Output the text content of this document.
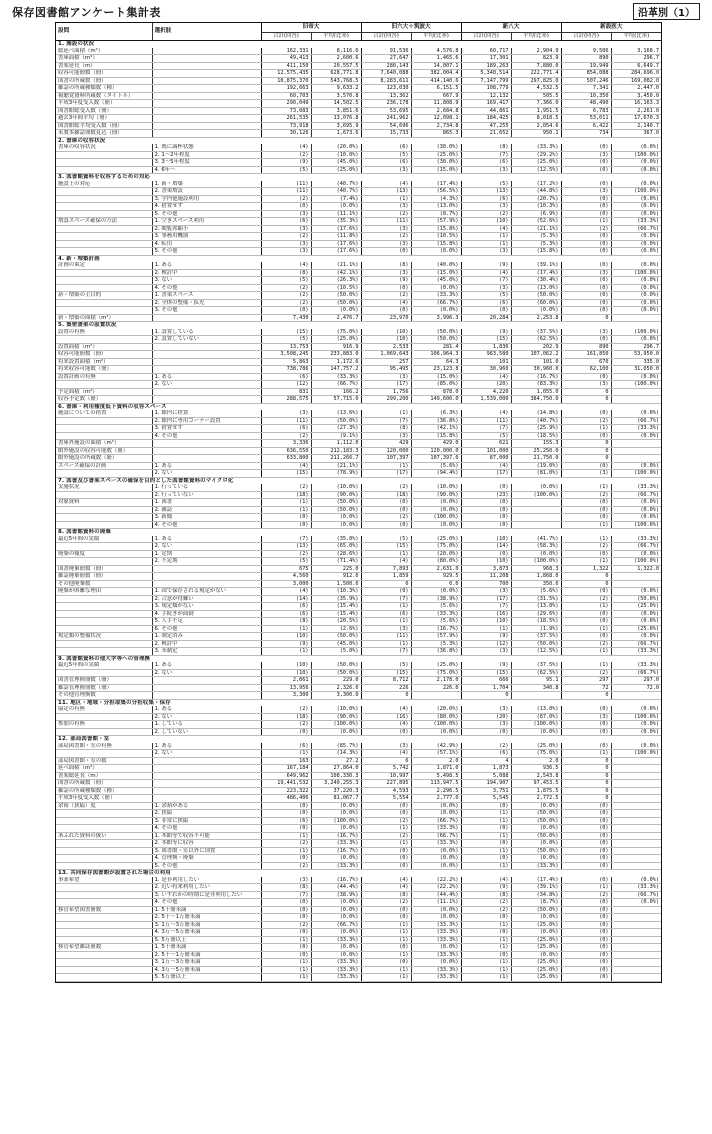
保存図書館アンケート集計表	沿革別（1）
設問	選択肢	旧帝大		旧六大＋筑波大		新八大		新設医大	
		合計(回答)	平均(比率)	合計(回答)	平均(比率)	合計(回答)	平均(比率)	合計(回答)	平均(比率)
1. 施設の状況									
総延べ面積（m²）		162,331	8,116.6	91,536	4,576.8	60,717	2,904.9	9,506	3,168.7
書庫面積（m²）		49,413	2,600.6	27,647	1,465.6	17,301	823.9	890	296.7
書架延長（m）		411,150	20,557.5	280,143	14,007.1	189,263	7,880.0	19,949	6,649.7
収容可能冊数（冊）		12,575,435	628,771.8	7,640,088	382,004.4	5,340,514	222,771.4	854,088	284,696.0
図書の所蔵数（冊）		10,875,370	543,768.5	8,283,611	414,140.6	7,147,799	297,825.0	507,246	169,082.0
雑誌の所蔵種類数（種）		192,663	9,633.2	123,030	6,151.5	108,779	4,532.5	7,341	2,447.0
視聴覚資料所蔵数（タイトル）		60,703	3,570.8	13,362	667.9	12,132	505.5	10,350	3,450.0
平成3年度受入数（冊）		290,049	14,502.5	236,178	11,808.9	169,417	7,366.0	48,490	16,163.3
図書館総受入数（冊）		73,083	3,851.6	53,695	2,684.8	44,861	1,951.5	6,783	2,261.0
過去3年間平均（冊）		261,535	13,076.8	241,962	12,098.1	184,425	8,018.5	53,011	17,670.3
図書館総平均受入数（冊）		73,918	3,695.9	54,696	2,734.8	47,255	2,054.6	6,422	2,140.7
未製本雑誌冊数見込（冊）		30,126	1,673.6	15,733	865.3	21,652	950.1	734	367.0
2. 書庫の収容状況									
書庫の収容状況	1. 既に満杯状態	(4)	(20.0%)	(6)	(30.0%)	(8)	(33.3%)	(0)	(0.0%)
	2. 1～2年程度	(2)	(10.0%)	(5)	(25.0%)	(7)	(29.2%)	(3)	(100.0%)
	3. 3～5年程度	(9)	(45.0%)	(6)	(30.0%)	(6)	(25.0%)	(0)	(0.0%)
	4. 6年～	(5)	(25.0%)	(3)	(15.0%)	(3)	(12.5%)	(0)	(0.0%)
3. 図書館資料を収容するための対応									
施設上の対応	1. 新・増築	(11)	(40.7%)	(4)	(17.4%)	(5)	(17.2%)	(0)	(0.0%)
	2. 書架増設	(11)	(40.7%)	(13)	(56.5%)	(13)	(44.8%)	(3)	(100.0%)
	3. 学内他施設利用	(2)	(7.4%)	(1)	(4.3%)	(6)	(20.7%)	(0)	(0.0%)
	4. 措置せず	(0)	(0.0%)	(3)	(13.0%)	(3)	(10.3%)	(0)	(0.0%)
	5. その他	(3)	(11.1%)	(2)	(8.7%)	(2)	(6.9%)	(0)	(0.0%)
増設スペース確保の方法	1. 空きスペース利用	(6)	(35.3%)	(11)	(57.9%)	(10)	(52.6%)	(1)	(33.3%)
	2. 閲覧席縮小	(3)	(17.6%)	(3)	(15.8%)	(4)	(21.1%)	(2)	(66.7%)
	3. 事務用機器	(2)	(11.8%)	(2)	(10.5%)	(1)	(5.3%)	(0)	(0.0%)
	4. 転用	(3)	(17.6%)	(3)	(15.8%)	(1)	(5.3%)	(0)	(0.0%)
	5. その他	(3)	(17.6%)	(0)	(0.0%)	(3)	(15.8%)	(0)	(0.0%)
4. 新・増築計画									
計画の策定	1. ある	(4)	(21.1%)	(8)	(40.0%)	(9)	(39.1%)	(0)	(0.0%)
	2. 検討中	(8)	(42.1%)	(3)	(15.0%)	(4)	(17.4%)	(3)	(100.0%)
	3. ない	(5)	(26.3%)	(9)	(45.0%)	(7)	(30.4%)	(0)	(0.0%)
	4. その他	(2)	(10.5%)	(0)	(0.0%)	(3)	(13.0%)	(0)	(0.0%)
新・増築の主目的	1. 書架スペース	(2)	(50.0%)	(2)	(33.3%)	(5)	(50.0%)	(0)	(0.0%)
	2. 全体の整備・拡充	(2)	(50.0%)	(4)	(66.7%)	(6)	(60.0%)	(0)	(0.0%)
	3. その他	(0)	(0.0%)	(0)	(0.0%)	(0)	(0.0%)	(0)	(0.0%)
新・増築の面積（m²）		7,430	2,476.7	23,970	3,996.3	20,284	2,253.8	0	
5. 集密書架の設置状況									
設置の有無	1. 設置している	(15)	(75.0%)	(10)	(50.0%)	(9)	(37.5%)	(3)	(100.0%)
	2. 設置していない	(5)	(25.0%)	(10)	(50.0%)	(15)	(62.5%)	(0)	(0.0%)
設置面積（m²）		13,753	916.9	2,533	281.4	1,836	202.9	890	296.7
収容可能冊数（冊）		3,508,245	233,883.0	1,069,643	106,964.3	963,580	107,062.2	161,850	53,950.0
将来設置面積（m²）		5,863	1,172.6	257	64.3	101	101.0	670	335.0
将来収容可能数（冊）		738,786	147,757.2	95,495	23,123.8	30,960	30,960.0	62,100	31,050.0
設置計画の有無	1. ある	(6)	(33.3%)	(3)	(15.0%)	(4)	(16.7%)	(0)	(0.0%)
	2. ない	(12)	(66.7%)	(17)	(85.0%)	(20)	(83.3%)	(3)	(100.0%)
予定面積（m²）		831	166.2	1,756	878.0	4,220	1,055.0	0	
収容予定数（冊）		288,575	57,715.0	299,200	149,600.0	1,539,000	384,750.0	0	
6. 書庫・利用頻度低下資料の収容スペース									
施設についての措置	1. 館内に措置	(3)	(13.6%)	(1)	(6.3%)	(4)	(14.8%)	(0)	(0.0%)
	2. 館内に専用コーナー設置	(11)	(50.0%)	(7)	(36.8%)	(11)	(40.7%)	(2)	(66.7%)
	3. 措置せず	(6)	(27.3%)	(8)	(42.1%)	(7)	(25.9%)	(1)	(33.3%)
	4. その他	(2)	(9.1%)	(3)	(15.8%)	(5)	(18.5%)	(0)	(0.0%)
書庫外施設の面積（m²）		3,336	1,112.0	429	429.0	621	155.3	0	
館外施設の収容可能数（冊）		636,550	212,183.3	120,000	120,000.0	101,000	25,250.0	0	
館外施設の所蔵数（冊）		633,800	211,266.7	107,397	107,397.0	87,000	21,750.0	0	
スペース確保の計画	1. ある	(4)	(21.1%)	(1)	(5.6%)	(4)	(19.0%)	(0)	(0.0%)
	2. ない	(15)	(78.9%)	(17)	(94.4%)	(17)	(81.0%)	(3)	(100.0%)
7. 図書及び書架スペースの確保を目的とした図書館資料のマイクロ化									
実施状況	1. 行っている	(2)	(10.0%)	(2)	(10.0%)	(0)	(0.0%)	(1)	(33.3%)
	2. 行っていない	(18)	(90.0%)	(18)	(90.0%)	(23)	(100.0%)	(2)	(66.7%)
対象資料	1. 図書	(1)	(50.0%)	(0)	(0.0%)	(0)		(0)	(0.0%)
	2. 雑誌	(1)	(50.0%)	(0)	(0.0%)	(0)		(0)	(0.0%)
	3. 新聞	(0)	(0.0%)	(2)	(100.0%)	(0)		(0)	(0.0%)
	4. その他	(0)	(0.0%)	(0)	(0.0%)	(0)		(1)	(100.0%)
8. 図書館資料の廃棄									
最近5年間の実績	1. ある	(7)	(35.0%)	(5)	(25.0%)	(10)	(41.7%)	(1)	(33.3%)
	2. ない	(13)	(65.0%)	(15)	(75.0%)	(14)	(58.3%)	(2)	(66.7%)
廃棄の頻度	1. 定期	(2)	(28.6%)	(1)	(20.0%)	(0)	(0.0%)	(0)	(0.0%)
	2. 不定期	(5)	(71.4%)	(4)	(80.0%)	(10)	(100.0%)	(1)	(100.0%)
図書廃棄冊数（冊）		675	225.0	7,893	2,631.0	3,873	968.3	1,322	1,322.0
雑誌廃棄冊数（冊）		4,560	912.0	1,859	929.5	11,208	1,868.0	0	
その他廃棄数		3,000	1,500.0	0	0.0	700	350.0	0	
廃棄が困難な理由	1. 国で保存される規定がない	(4)	(10.3%)	(0)	(0.0%)	(3)	(5.6%)	(0)	(0.0%)
	2. 合意が得難い	(14)	(35.9%)	(7)	(38.9%)	(17)	(31.5%)	(2)	(50.0%)
	3. 規定類がない	(6)	(15.4%)	(1)	(5.6%)	(7)	(13.0%)	(1)	(25.0%)
	4. 手続きが面倒	(6)	(15.4%)	(6)	(33.3%)	(16)	(29.6%)	(0)	(0.0%)
	5. 人手不足	(8)	(20.5%)	(1)	(5.6%)	(10)	(18.5%)	(0)	(0.0%)
	6. その他	(1)	(2.6%)	(3)	(16.7%)	(1)	(1.9%)	(1)	(25.0%)
規定類の整備状況	1. 制定済み	(10)	(50.0%)	(11)	(57.9%)	(9)	(37.5%)	(0)	(0.0%)
	2. 検討中	(9)	(45.0%)	(1)	(5.3%)	(12)	(50.0%)	(2)	(66.7%)
	3. 未制定	(1)	(5.0%)	(7)	(36.8%)	(3)	(12.5%)	(1)	(33.3%)
9. 図書館資料の他大学等への管理換									
最近5年間の実績	1. ある	(10)	(50.0%)	(5)	(25.0%)	(9)	(37.5%)	(1)	(33.3%)
	2. ない	(10)	(50.0%)	(15)	(75.0%)	(15)	(62.5%)	(2)	(66.7%)
図書管理換冊数（冊）		2,061	229.0	8,712	2,178.0	666	95.1	297	297.0
雑誌管理換冊数（冊）		13,956	2,326.0	226	226.0	1,704	340.8	72	72.0
その他管理換数		3,300	3,300.0	0		0		0	
11. 地区・地域・分担取集の分担収集・保存									
協定の有無	1. ある	(2)	(10.0%)	(4)	(20.0%)	(3)	(13.0%)	(0)	(0.0%)
	2. ない	(18)	(90.0%)	(16)	(80.0%)	(20)	(87.0%)	(3)	(100.0%)
参加の有無	1. している	(2)	(100.0%)	(4)	(100.0%)	(3)	(100.0%)	(0)	(0.0%)
	2. していない	(0)	(0.0%)	(0)	(0.0%)	(0)	(0.0%)	(0)	(0.0%)
12. 部局図書館・室									
部局図書館・室の有無	1. ある	(6)	(85.7%)	(3)	(42.9%)	(2)	(25.0%)	(0)	(0.0%)
	2. ない	(1)	(14.3%)	(4)	(57.1%)	(6)	(75.0%)	(1)	(100.0%)
部局図書館・室の数		163	27.2	6	2.0	4	2.0	0	
延べ面積（m²）		167,184	27,864.0	5,742	1,871.0	1,873	936.5	0	
書架総延長（m）		649,962	108,330.3	10,997	5,498.5	5,088	2,543.8	0	
図書の所蔵数（冊）		19,441,532	3,240,255.3	227,895	113,947.5	194,907	97,453.5	0	
雑誌の所蔵種類数（種）		223,322	37,220.3	4,593	2,296.5	3,751	1,875.5	0	
平成3年度受入数（冊）		486,406	81,067.7	5,554	2,777.0	5,545	2,772.5	0	
余裕（狭隘）度	1. 余裕がある	(0)	(0.0%)	(0)	(0.0%)	(0)	(0.0%)	(0)	
	2. 狭隘	(0)	(0.0%)	(0)	(0.0%)	(1)	(50.0%)	(0)	
	3. 非常に狭隘	(6)	(100.0%)	(2)	(66.7%)	(1)	(50.0%)	(0)	
	4. その他	(0)	(0.0%)	(1)	(33.3%)	(0)	(0.0%)	(0)	
あふれた資料の扱い	1. 本館等で収容不可能	(1)	(16.7%)	(2)	(66.7%)	(1)	(50.0%)	(0)	
	2. 本館等に収容	(2)	(33.3%)	(1)	(33.3%)	(0)	(0.0%)	(0)	
	3. 図書館・室以外に別置	(1)	(16.7%)	(0)	(0.0%)	(1)	(50.0%)	(0)	
	4. 管理換・廃棄	(0)	(0.0%)	(0)	(0.0%)	(0)	(0.0%)	(0)	
	5. その他	(2)	(33.3%)	(0)	(0.0%)	(1)	(33.3%)	(0)	
13. 共同保存図書館が設置された場合の利用									
事業希望	1. 是非利用したい	(3)	(16.7%)	(4)	(22.2%)	(4)	(17.4%)	(0)	(0.0%)
	2. 近い将来利用したい	(8)	(44.4%)	(4)	(22.2%)	(9)	(39.1%)	(1)	(33.3%)
	3. いずれかの時期に是非利用したい	(7)	(38.9%)	(8)	(44.4%)	(8)	(34.8%)	(2)	(66.7%)
	4. その他	(0)	(0.0%)	(2)	(11.1%)	(2)	(8.7%)	(0)	(0.0%)
移管希望図書冊数	1. 5千冊未満	(0)	(0.0%)	(0)	(0.0%)	(2)	(50.0%)	(0)	
	2. 5千～1万冊未満	(0)	(0.0%)	(0)	(0.0%)	(0)	(0.0%)	(0)	
	3. 1万～3万冊未満	(2)	(66.7%)	(1)	(33.3%)	(1)	(25.0%)	(0)	
	4. 3万～5万冊未満	(0)	(0.0%)	(1)	(33.3%)	(0)	(0.0%)	(0)	
	5. 5万冊以上	(1)	(33.3%)	(1)	(33.3%)	(1)	(25.0%)	(0)	
移管希望雑誌冊数	1. 5千冊未満	(0)	(0.0%)	(0)	(0.0%)	(1)	(25.0%)	(0)	
	2. 5千～1万冊未満	(0)	(0.0%)	(1)	(33.3%)	(0)	(0.0%)	(0)	
	3. 1万～3万冊未満	(1)	(33.3%)	(0)	(0.0%)	(1)	(25.0%)	(0)	
	4. 3万～5万冊未満	(1)	(33.3%)	(1)	(33.3%)	(1)	(25.0%)	(0)	
	5. 5万冊以上	(1)	(33.3%)	(1)	(33.3%)	(1)	(25.0%)	(0)	
